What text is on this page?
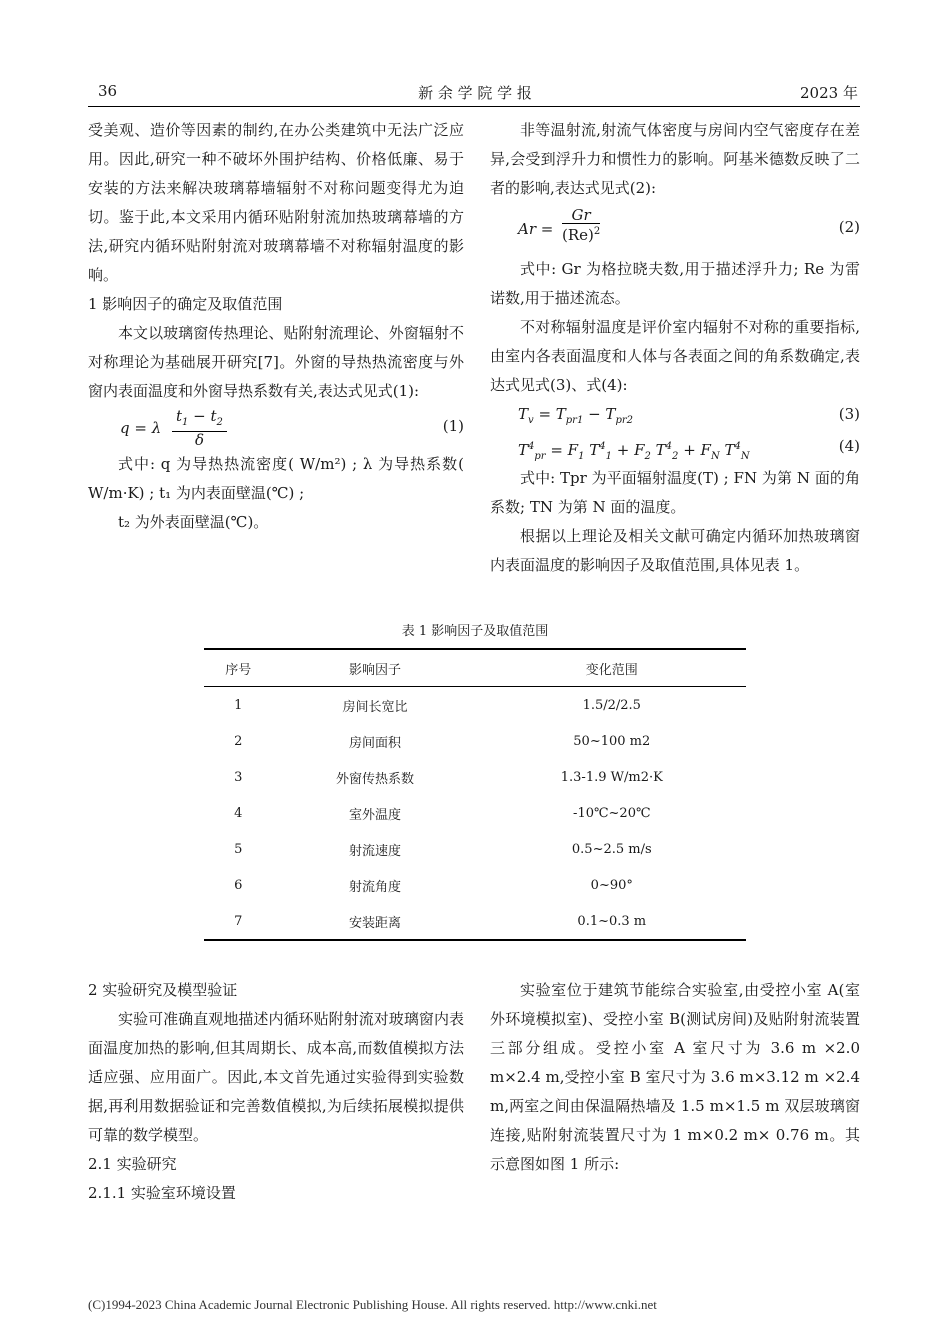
36	新 余 学 院 学 报	2023 年

受美观、造价等因素的制约,在办公类建筑中无法广泛应用。因此,研究一种不破坏外围护结构、价格低廉、易于安装的方法来解决玻璃幕墙辐射不对称问题变得尤为迫切。鉴于此,本文采用内循环贴附射流加热玻璃幕墙的方法,研究内循环贴附射流对玻璃幕墙不对称辐射温度的影响。

1 影响因子的确定及取值范围

本文以玻璃窗传热理论、贴附射流理论、外窗辐射不对称理论为基础展开研究[7]。外窗的导热热流密度与外窗内表面温度和外窗导热系数有关,表达式见式(1):

q = λ $\frac{t_1 - t_2}{\delta}$	(1)

式中: q 为导热热流密度( W/m²) ; λ 为导热系数( W/m·K) ; t₁ 为内表面壁温(℃) ;

t₂ 为外表面壁温(℃)。

非等温射流,射流气体密度与房间内空气密度存在差异,会受到浮升力和惯性力的影响。阿基米德数反映了二者的影响,表达式见式(2):

$Ar = \frac{Gr}{(Re)^2}$	(2)

式中: Gr 为格拉晓夫数,用于描述浮升力; Re 为雷诺数,用于描述流态。

不对称辐射温度是评价室内辐射不对称的重要指标,由室内各表面温度和人体与各表面之间的角系数确定,表达式见式(3)、式(4):

$T_v = T_{pr1} - T_{pr2}$	(3)
$T^4_{pr} = F_1$ $T^4_1 + F_2$ $T^4_2 + F_N$ $T^4_N$
(4)

式中: Tpr 为平面辐射温度(T) ; FN 为第 N 面的角系数; TN 为第 N 面的温度。

根据以上理论及相关文献可确定内循环加热玻璃窗内表面温度的影响因子及取值范围,具体见表 1。

表 1 影响因子及取值范围
序号	影响因子	变化范围
1	房间长宽比	1.5/2/2.5
2	房间面积	50~100 m2
3	外窗传热系数	1.3-1.9 W/m2·K
4	室外温度	-10℃~20℃
5	射流速度	0.5~2.5 m/s
6	射流角度	0~90°
7	安装距离	0.1~0.3 m

2 实验研究及模型验证

实验可准确直观地描述内循环贴附射流对玻璃窗内表面温度加热的影响,但其周期长、成本高,而数值模拟方法适应强、应用面广。因此,本文首先通过实验得到实验数据,再利用数据验证和完善数值模拟,为后续拓展模拟提供可靠的数学模型。

2.1 实验研究

2.1.1 实验室环境设置

实验室位于建筑节能综合实验室,由受控小室 A(室外环境模拟室)、受控小室 B(测试房间)及贴附射流装置三部分组成。受控小室 A 室尺寸为 3.6 m ×2.0 m×2.4 m,受控小室 B 室尺寸为 3.6 m×3.12 m ×2.4 m,两室之间由保温隔热墙及 1.5 m×1.5 m 双层玻璃窗连接,贴附射流装置尺寸为 1 m×0.2 m× 0.76 m。其示意图如图 1 所示:

(C)1994-2023 China Academic Journal Electronic Publishing House. All rights reserved. http://www.cnki.net
